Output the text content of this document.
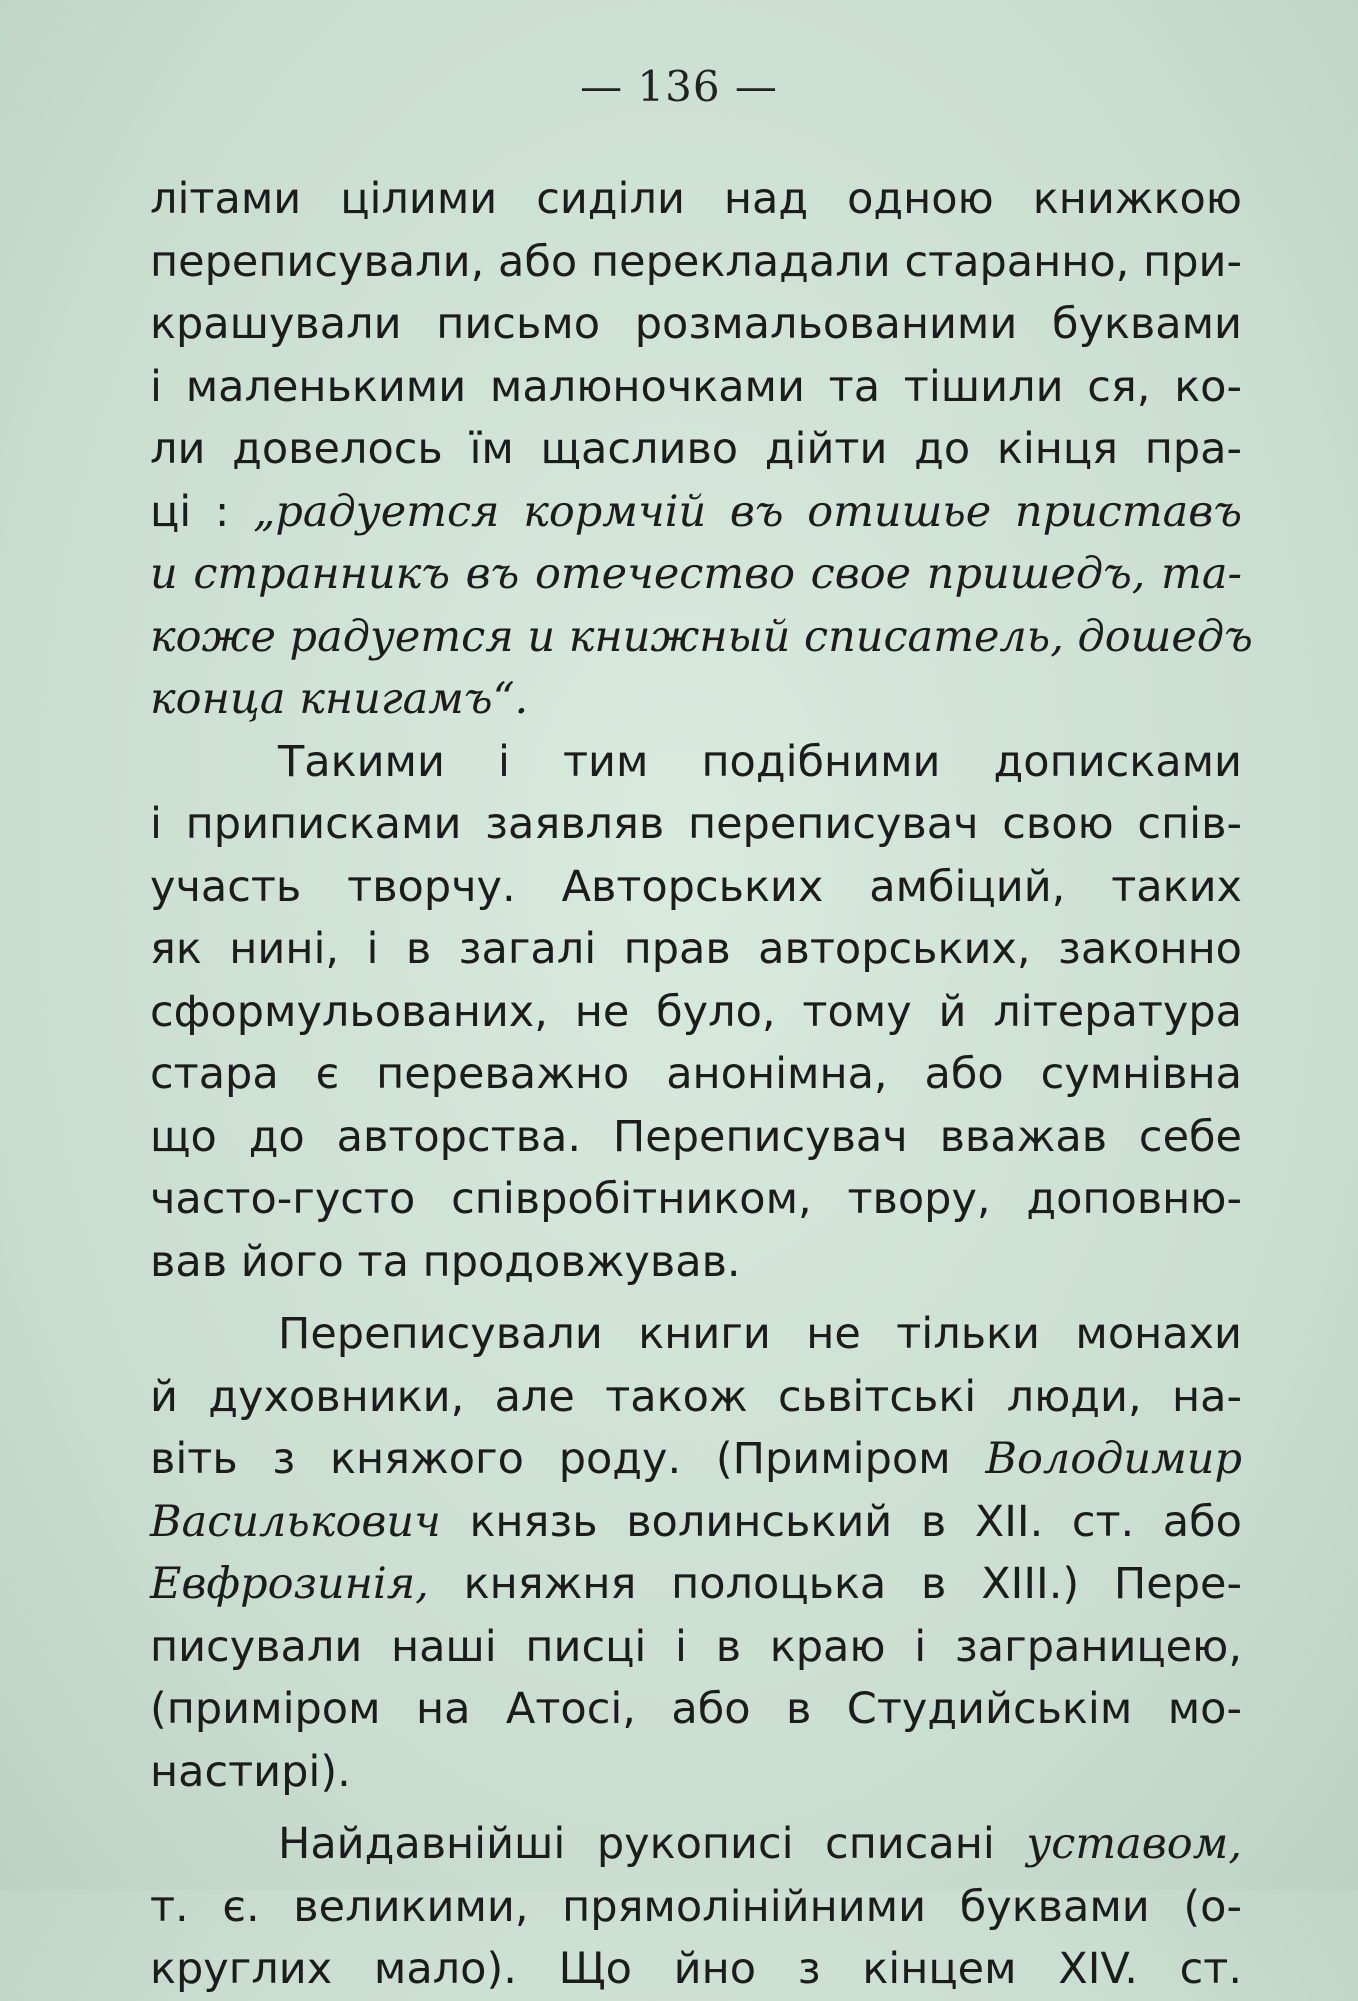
— 136 —
літами цілими сиділи над одною книжкою
переписували, або перекладали старанно, при-
крашували письмо розмальованими буквами
і маленькими малюночками та тішили ся, ко-
ли довелось їм щасливо дійти до кінця пра-
ці : „радуется кормчій въ отишье приставъ
и странникъ въ отечество свое пришедъ, та-
коже радуется и книжный списатель, дошедъ
конца книгамъ“.
Такими і тим подібними дописками
і приписками заявляв переписувач свою спів-
участь творчу. Авторських амбіций, таких
як нині, і в загалі прав авторських, законно
сформульованих, не було, тому й література
стара є переважно анонімна, або сумнівна
що до авторства. Переписувач вважав себе
часто-густо співробітником, твору, доповню-
вав його та продовжував.
Переписували книги не тільки монахи
й духовники, але також сьвітські люди, на-
віть з княжого роду. (Приміром Володимир
Василькович князь волинський в XII. ст. або
Евфрозинія, княжня полоцька в XIII.) Пере-
писували наші писці і в краю і заграницею,
(приміром на Атосі, або в Студийськім мо-
настирі).
Найдавнійші рукописі списані уставом,
т. є. великими, прямолінійними буквами (о-
круглих мало). Що йно з кінцем XIV. ст.
